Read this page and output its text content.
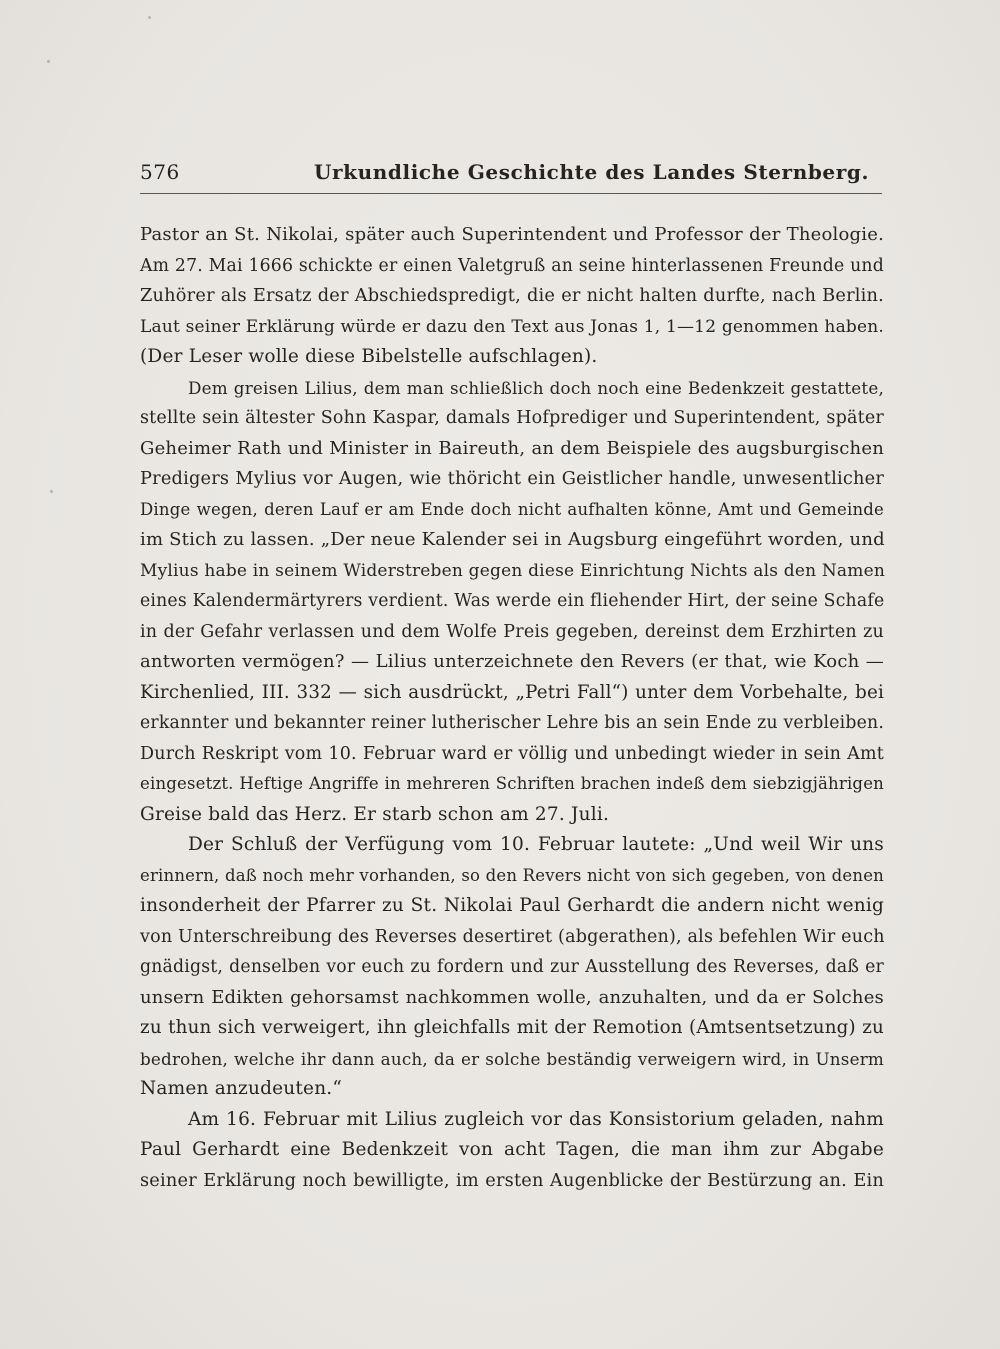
576	Urkundliche Geschichte des Landes Sternberg.
Pastor an St. Nikolai, später auch Superintendent und Professor der Theologie.
Am 27. Mai 1666 schickte er einen Valetgruß an seine hinterlassenen Freunde und
Zuhörer als Ersatz der Abschiedspredigt, die er nicht halten durfte, nach Berlin.
Laut seiner Erklärung würde er dazu den Text aus Jonas 1, 1—12 genommen haben.
(Der Leser wolle diese Bibelstelle aufschlagen).
Dem greisen Lilius, dem man schließlich doch noch eine Bedenkzeit gestattete,
stellte sein ältester Sohn Kaspar, damals Hofprediger und Superintendent, später
Geheimer Rath und Minister in Baireuth, an dem Beispiele des augsburgischen
Predigers Mylius vor Augen, wie thöricht ein Geistlicher handle, unwesentlicher
Dinge wegen, deren Lauf er am Ende doch nicht aufhalten könne, Amt und Gemeinde
im Stich zu lassen. „Der neue Kalender sei in Augsburg eingeführt worden, und
Mylius habe in seinem Widerstreben gegen diese Einrichtung Nichts als den Namen
eines Kalendermärtyrers verdient. Was werde ein fliehender Hirt, der seine Schafe
in der Gefahr verlassen und dem Wolfe Preis gegeben, dereinst dem Erzhirten zu
antworten vermögen? — Lilius unterzeichnete den Revers (er that, wie Koch —
Kirchenlied, III. 332 — sich ausdrückt, „Petri Fall“) unter dem Vorbehalte, bei
erkannter und bekannter reiner lutherischer Lehre bis an sein Ende zu verbleiben.
Durch Reskript vom 10. Februar ward er völlig und unbedingt wieder in sein Amt
eingesetzt. Heftige Angriffe in mehreren Schriften brachen indeß dem siebzigjährigen
Greise bald das Herz. Er starb schon am 27. Juli.
Der Schluß der Verfügung vom 10. Februar lautete: „Und weil Wir uns
erinnern, daß noch mehr vorhanden, so den Revers nicht von sich gegeben, von denen
insonderheit der Pfarrer zu St. Nikolai Paul Gerhardt die andern nicht wenig
von Unterschreibung des Reverses desertiret (abgerathen), als befehlen Wir euch
gnädigst, denselben vor euch zu fordern und zur Ausstellung des Reverses, daß er
unsern Edikten gehorsamst nachkommen wolle, anzuhalten, und da er Solches
zu thun sich verweigert, ihn gleichfalls mit der Remotion (Amtsentsetzung) zu
bedrohen, welche ihr dann auch, da er solche beständig verweigern wird, in Unserm
Namen anzudeuten.“
Am 16. Februar mit Lilius zugleich vor das Konsistorium geladen, nahm
Paul Gerhardt eine Bedenkzeit von acht Tagen, die man ihm zur Abgabe
seiner Erklärung noch bewilligte, im ersten Augenblicke der Bestürzung an. Ein
